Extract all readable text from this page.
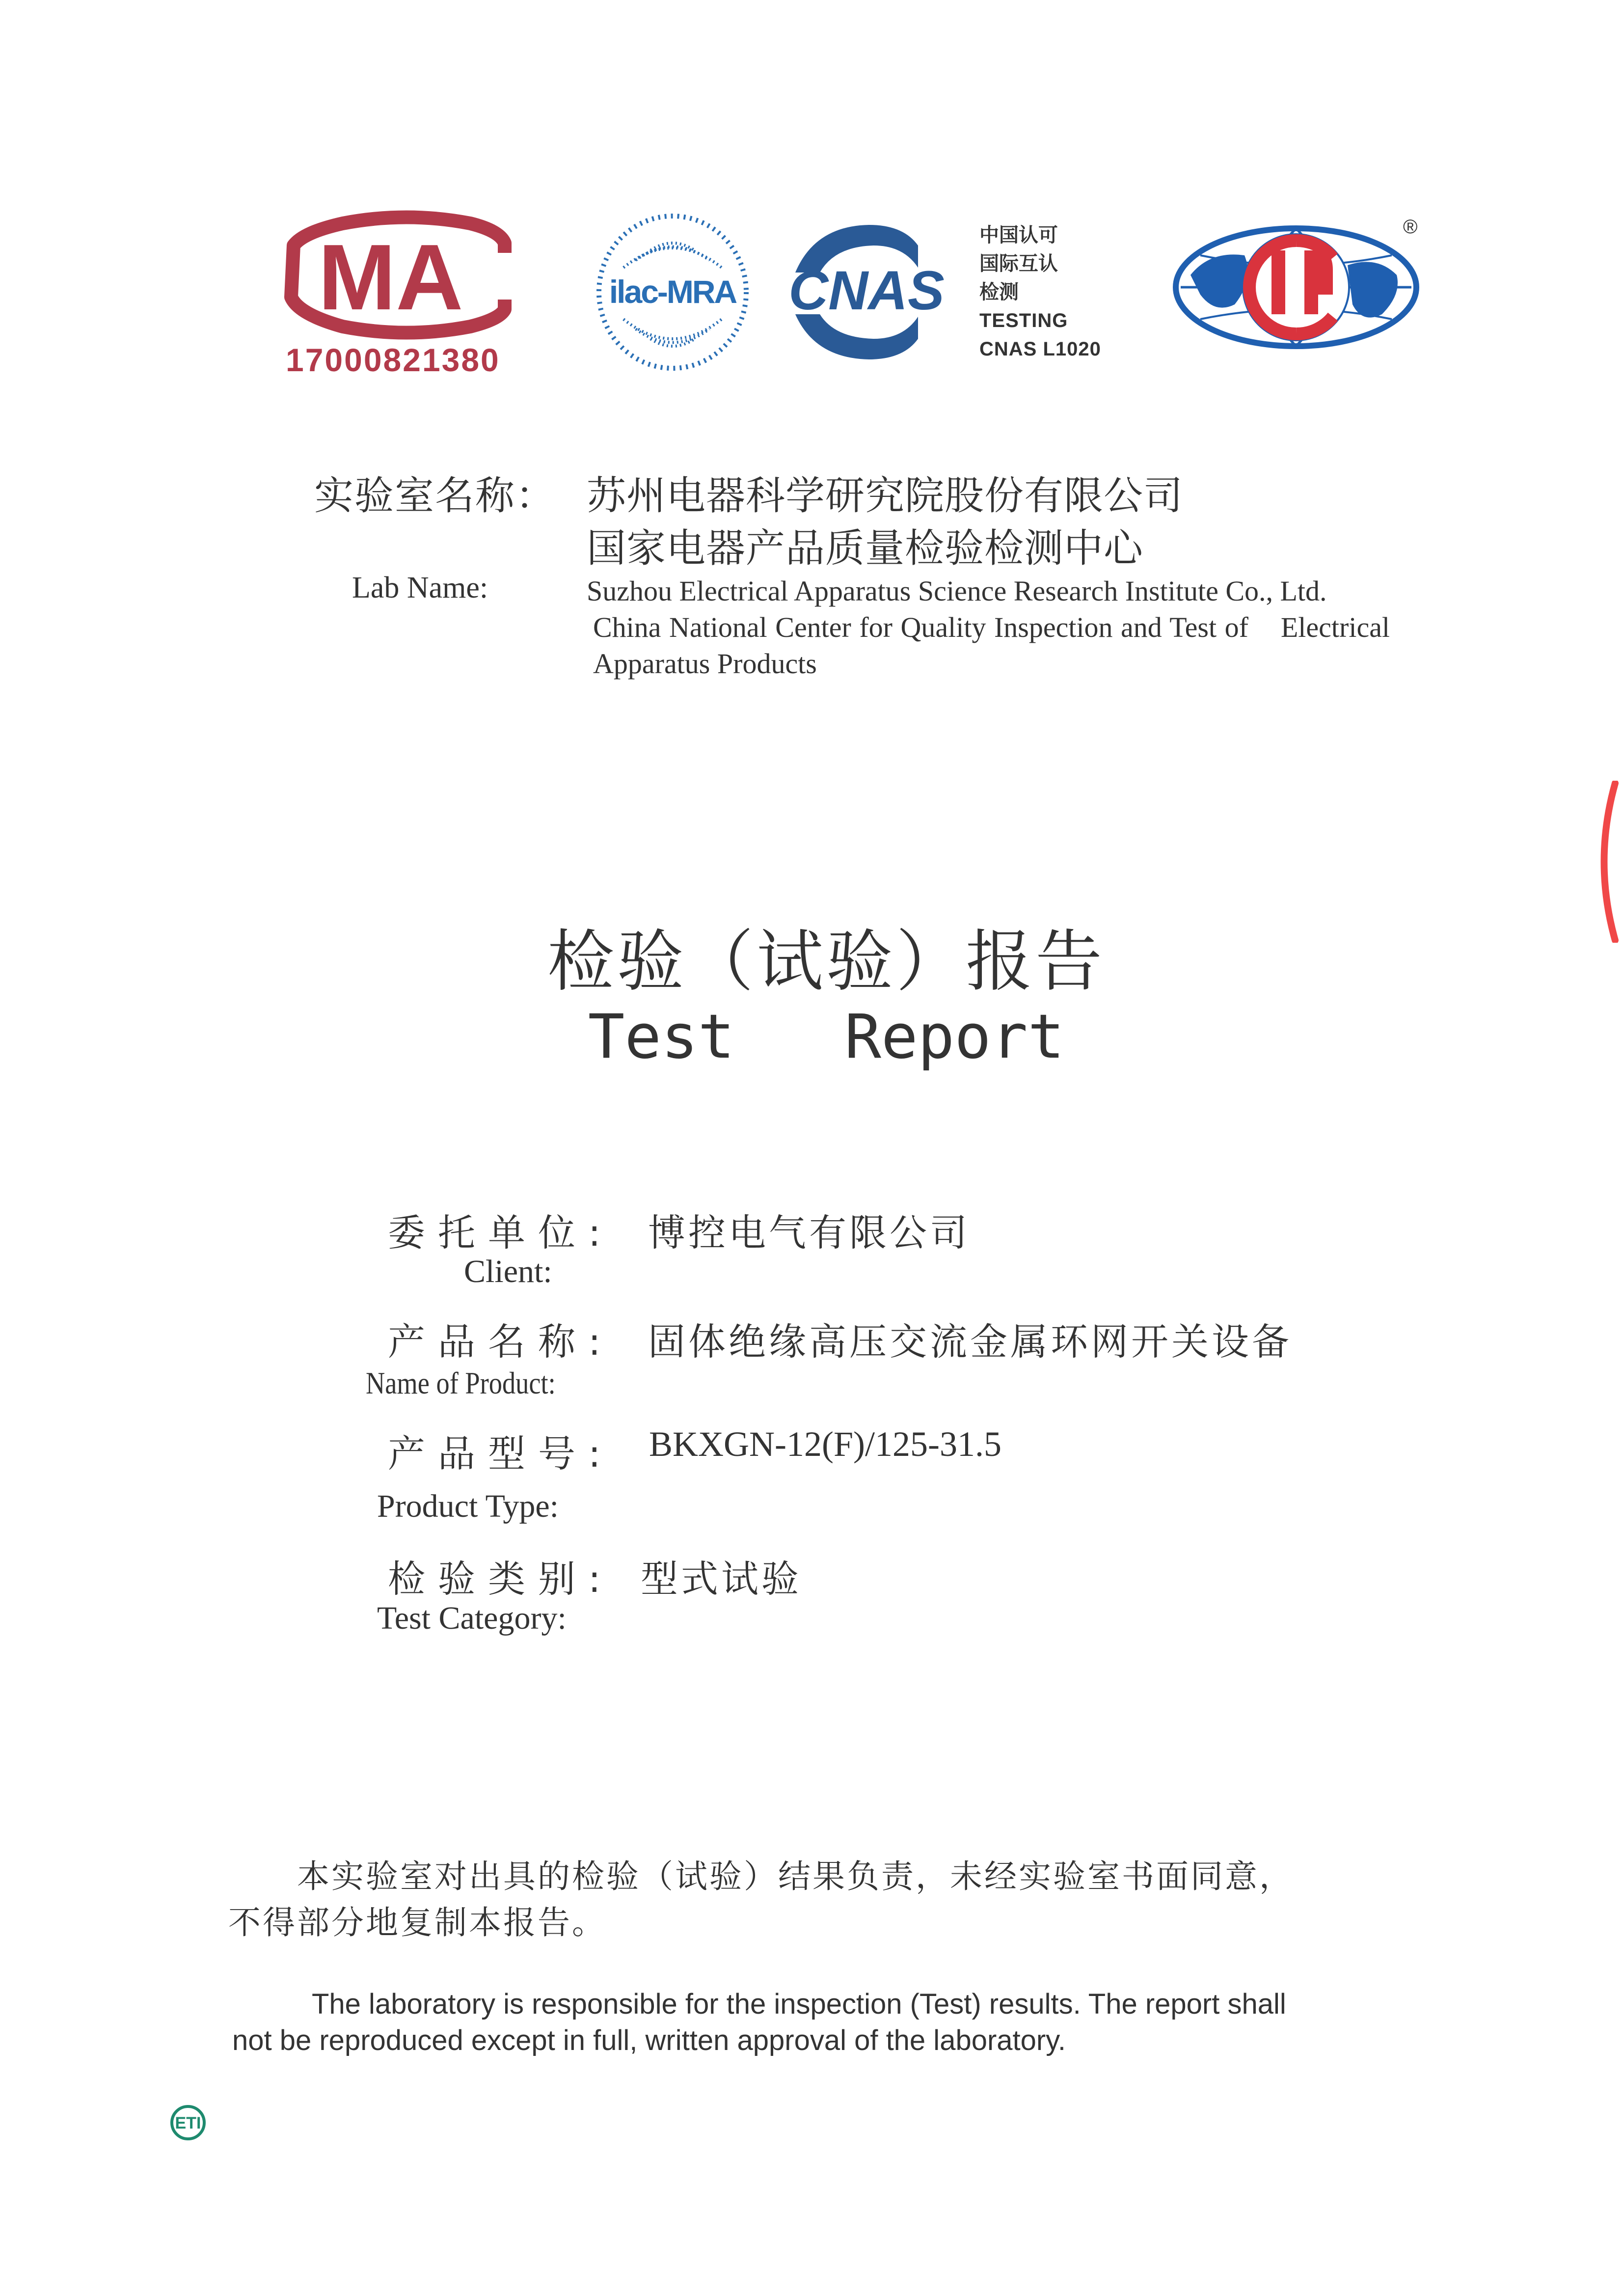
MA
17000821380
ilac-MRA CNAS
中国认可
国际互认
检测
TESTING
CNAS L1020
®
实验室名称： 苏州电器科学研究院股份有限公司
国家电器产品质量检验检测中心
Lab Name:	Suzhou Electrical Apparatus Science Research Institute Co., Ltd.
China National Center for Quality Inspection and Test of    Electrical
Apparatus Products
检验（试验）报告
Test   Report
委托单位: 博控电气有限公司
Client:
产品名称: 固体绝缘高压交流金属环网开关设备
Name of Product:
产品型号: BKXGN-12(F)/125-31.5
Product Type:
检验类别: 型式试验
Test Category:
本实验室对出具的检验（试验）结果负责，未经实验室书面同意，
不得部分地复制本报告。
The laboratory is responsible for the inspection (Test) results. The report shall
not be reproduced except in full, written approval of the laboratory.
ETI
